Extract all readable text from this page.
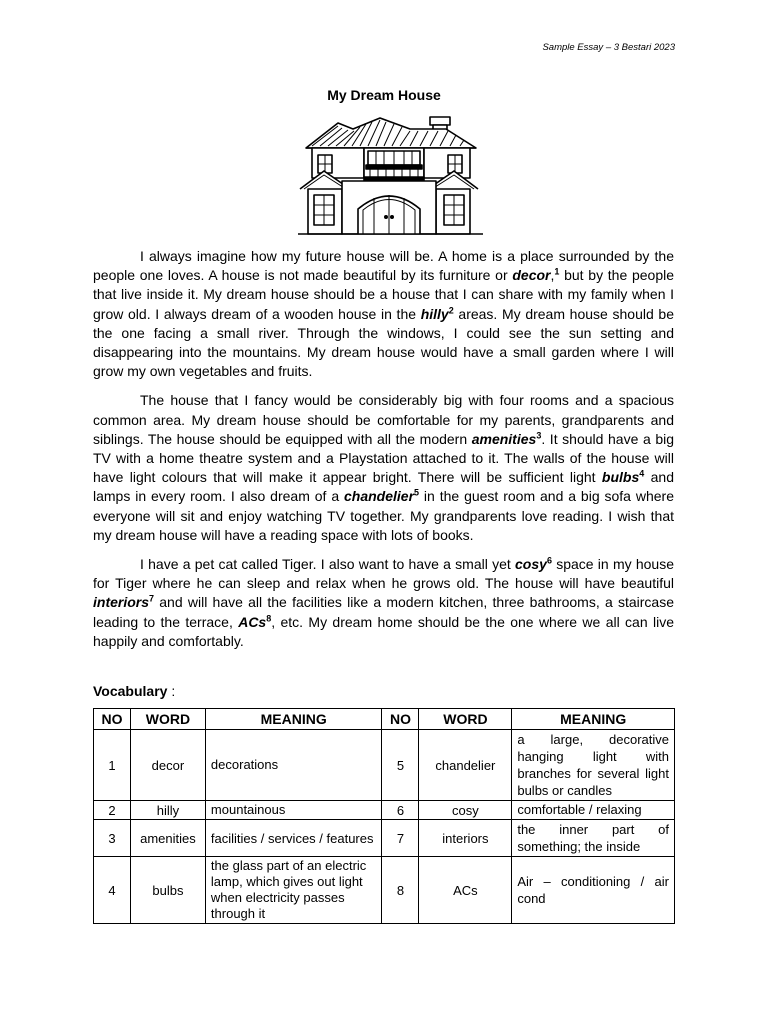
Sample Essay – 3 Bestari 2023
My Dream House

I always imagine how my future house will be. A home is a place surrounded by the people one loves. A house is not made beautiful by its furniture or decor,$^1$ but by the people that live inside it. My dream house should be a house that I can share with my family when I grow old. I always dream of a wooden house in the hilly$^2$ areas. My dream house should be the one facing a small river. Through the windows, I could see the sun setting and disappearing into the mountains. My dream house would have a small garden where I will grow my own vegetables and fruits.

The house that I fancy would be considerably big with four rooms and a spacious common area. My dream house should be comfortable for my parents, grandparents and siblings. The house should be equipped with all the modern amenities$^3$. It should have a big TV with a home theatre system and a Playstation attached to it. The walls of the house will have light colours that will make it appear bright. There will be sufficient light bulbs$^4$ and lamps in every room. I also dream of a chandelier$^5$ in the guest room and a big sofa where everyone will sit and enjoy watching TV together. My grandparents love reading. I wish that my dream house will have a reading space with lots of books.

I have a pet cat called Tiger. I also want to have a small yet cosy$^6$ space in my house for Tiger where he can sleep and relax when he grows old. The house will have beautiful interiors$^7$ and will have all the facilities like a modern kitchen, three bathrooms, a staircase leading to the terrace, ACs$^8$, etc. My dream home should be the one where we all can live happily and comfortably.

Vocabulary :
NO	WORD	MEANING	NO	WORD	MEANING
1	decor	decorations	5	chandelier	a large, decorative hanging light with branches for several light bulbs or candles
2	hilly	mountainous	6	cosy	comfortable / relaxing
3	amenities	facilities / services / features	7	interiors	the inner part of something; the inside
4	bulbs	the glass part of an electric lamp, which gives out light when electricity passes through it	8	ACs	Air – conditioning / air cond
